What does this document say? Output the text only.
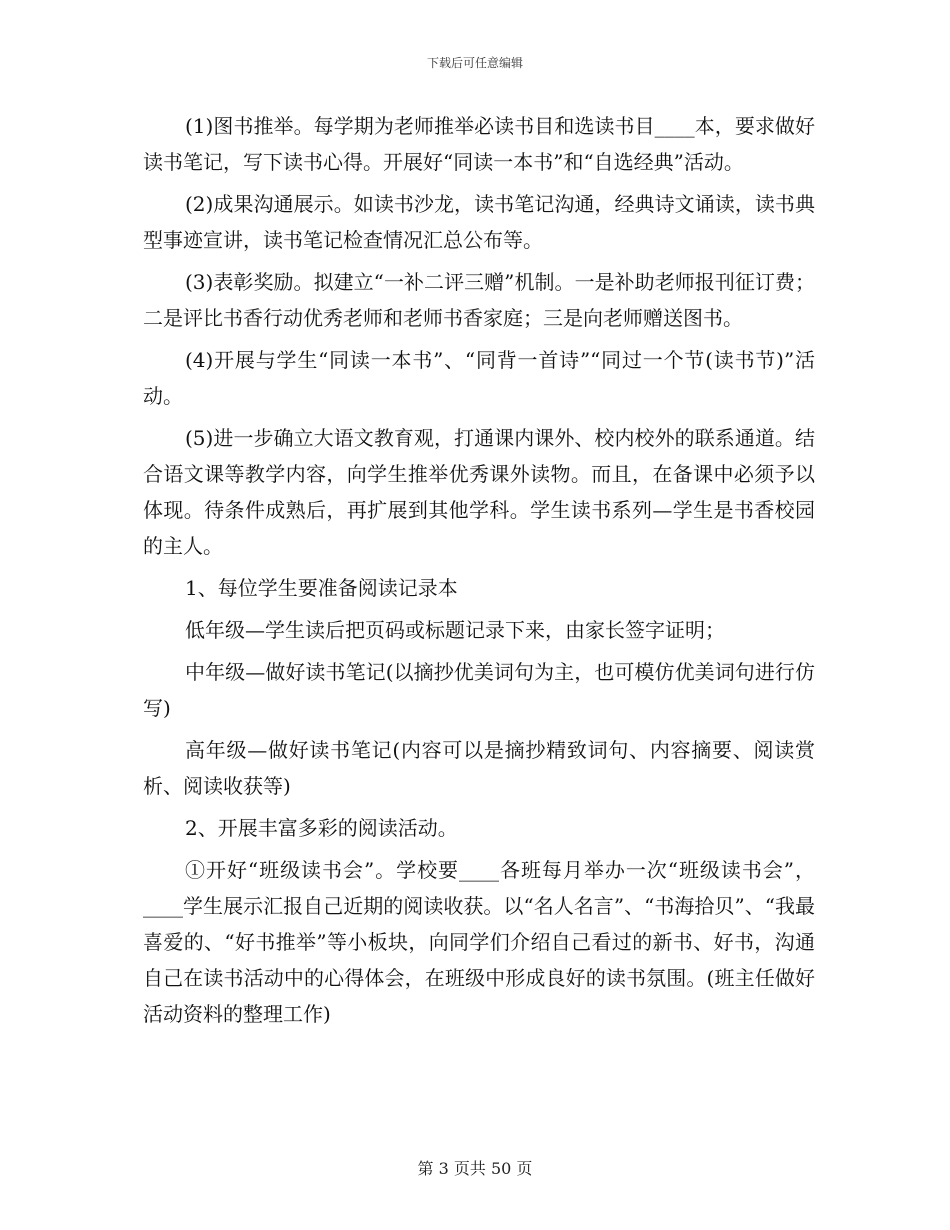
下载后可任意编辑

(1)图书推举。每学期为老师推举必读书目和选读书目____本，要求做好读书笔记，写下读书心得。开展好“同读一本书”和“自选经典”活动。

(2)成果沟通展示。如读书沙龙，读书笔记沟通，经典诗文诵读，读书典型事迹宣讲，读书笔记检查情况汇总公布等。

(3)表彰奖励。拟建立“一补二评三赠”机制。一是补助老师报刊征订费；二是评比书香行动优秀老师和老师书香家庭；三是向老师赠送图书。

(4)开展与学生“同读一本书”、“同背一首诗”“同过一个节(读书节)”活动。

(5)进一步确立大语文教育观，打通课内课外、校内校外的联系通道。结合语文课等教学内容，向学生推举优秀课外读物。而且，在备课中必须予以体现。待条件成熟后，再扩展到其他学科。学生读书系列—学生是书香校园的主人。

1、每位学生要准备阅读记录本

低年级—学生读后把页码或标题记录下来，由家长签字证明；

中年级—做好读书笔记(以摘抄优美词句为主，也可模仿优美词句进行仿写)

高年级—做好读书笔记(内容可以是摘抄精致词句、内容摘要、阅读赏析、阅读收获等)

2、开展丰富多彩的阅读活动。

①开好“班级读书会”。学校要____各班每月举办一次“班级读书会”，____学生展示汇报自己近期的阅读收获。以“名人名言”、“书海拾贝”、“我最喜爱的、“好书推举”等小板块，向同学们介绍自己看过的新书、好书，沟通自己在读书活动中的心得体会，在班级中形成良好的读书氛围。(班主任做好活动资料的整理工作)

第 3 页共 50 页
